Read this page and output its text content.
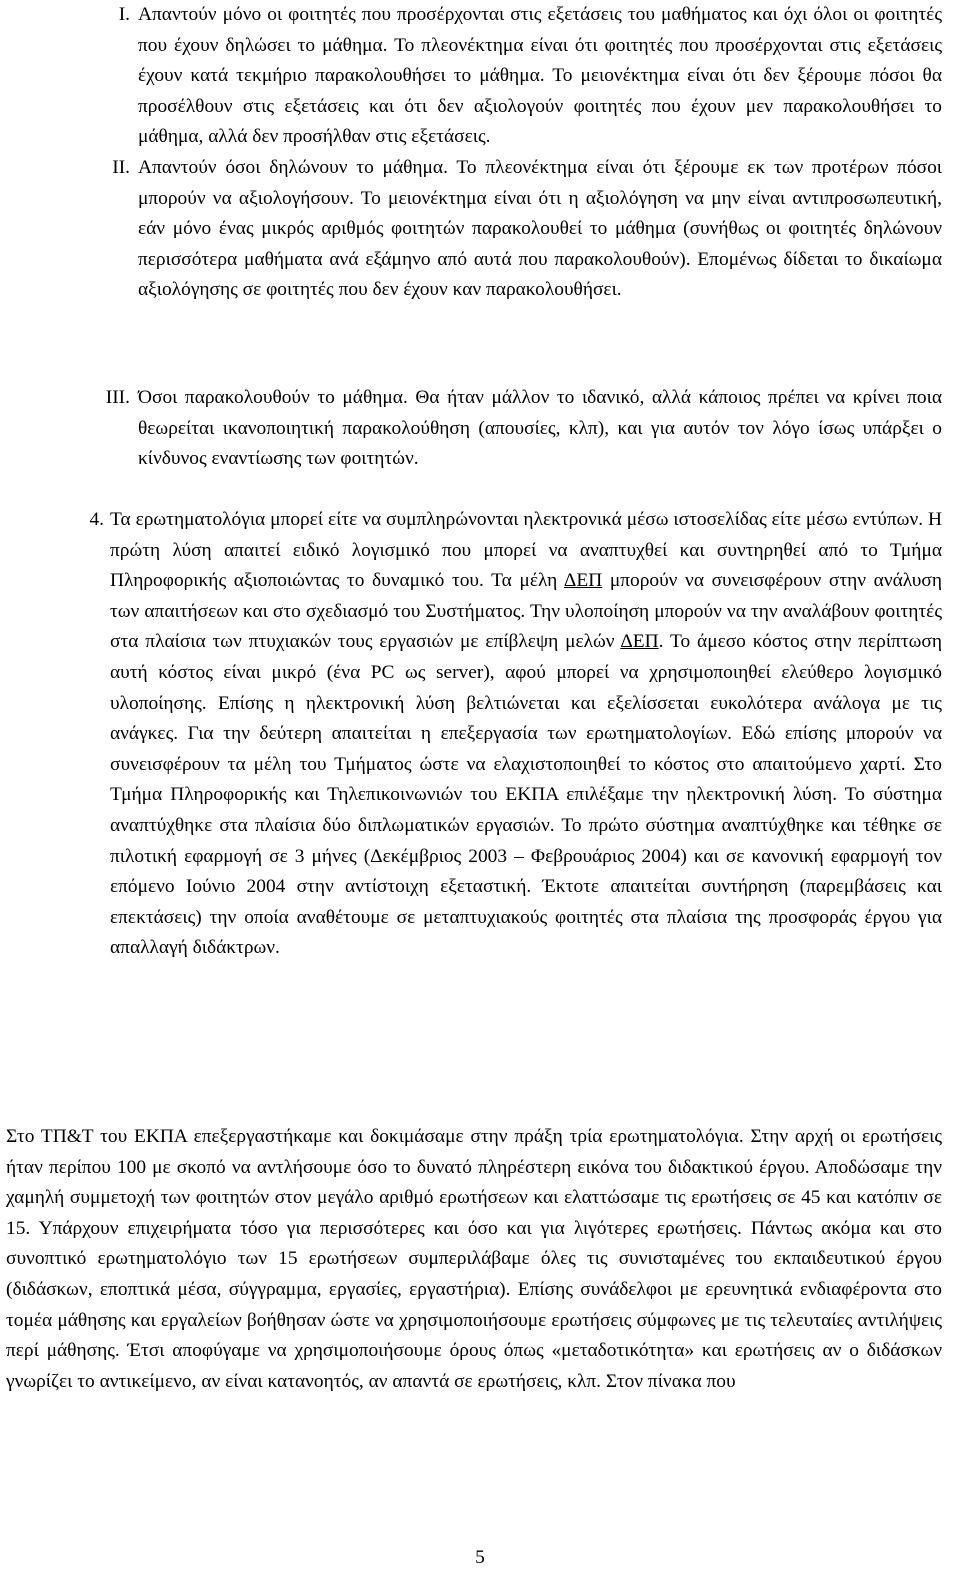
I. Απαντούν μόνο οι φοιτητές που προσέρχονται στις εξετάσεις του μαθήματος και όχι όλοι οι φοιτητές που έχουν δηλώσει το μάθημα. Το πλεονέκτημα είναι ότι φοιτητές που προσέρχονται στις εξετάσεις έχουν κατά τεκμήριο παρακολουθήσει το μάθημα. Το μειονέκτημα είναι ότι δεν ξέρουμε πόσοι θα προσέλθουν στις εξετάσεις και ότι δεν αξιολογούν φοιτητές που έχουν μεν παρακολουθήσει το μάθημα, αλλά δεν προσήλθαν στις εξετάσεις.
II. Απαντούν όσοι δηλώνουν το μάθημα. Το πλεονέκτημα είναι ότι ξέρουμε εκ των προτέρων πόσοι μπορούν να αξιολογήσουν. Το μειονέκτημα είναι ότι η αξιολόγηση να μην είναι αντιπροσωπευτική, εάν μόνο ένας μικρός αριθμός φοιτητών παρακολουθεί το μάθημα (συνήθως οι φοιτητές δηλώνουν περισσότερα μαθήματα ανά εξάμηνο από αυτά που παρακολουθούν). Επομένως δίδεται το δικαίωμα αξιολόγησης σε φοιτητές που δεν έχουν καν παρακολουθήσει.
III. Όσοι παρακολουθούν το μάθημα. Θα ήταν μάλλον το ιδανικό, αλλά κάποιος πρέπει να κρίνει ποια θεωρείται ικανοποιητική παρακολούθηση (απουσίες, κλπ), και για αυτόν τον λόγο ίσως υπάρξει ο κίνδυνος εναντίωσης των φοιτητών.
4. Τα ερωτηματολόγια μπορεί είτε να συμπληρώνονται ηλεκτρονικά μέσω ιστοσελίδας είτε μέσω εντύπων. Η πρώτη λύση απαιτεί ειδικό λογισμικό που μπορεί να αναπτυχθεί και συντηρηθεί από το Τμήμα Πληροφορικής αξιοποιώντας το δυναμικό του. Τα μέλη ΔΕΠ μπορούν να συνεισφέρουν στην ανάλυση των απαιτήσεων και στο σχεδιασμό του Συστήματος. Την υλοποίηση μπορούν να την αναλάβουν φοιτητές στα πλαίσια των πτυχιακών τους εργασιών με επίβλεψη μελών ΔΕΠ. Το άμεσο κόστος στην περίπτωση αυτή κόστος είναι μικρό (ένα PC ως server), αφού μπορεί να χρησιμοποιηθεί ελεύθερο λογισμικό υλοποίησης. Επίσης η ηλεκτρονική λύση βελτιώνεται και εξελίσσεται ευκολότερα ανάλογα με τις ανάγκες. Για την δεύτερη απαιτείται η επεξεργασία των ερωτηματολογίων. Εδώ επίσης μπορούν να συνεισφέρουν τα μέλη του Τμήματος ώστε να ελαχιστοποιηθεί το κόστος στο απαιτούμενο χαρτί. Στο Τμήμα Πληροφορικής και Τηλεπικοινωνιών του ΕΚΠΑ επιλέξαμε την ηλεκτρονική λύση. Το σύστημα αναπτύχθηκε στα πλαίσια δύο διπλωματικών εργασιών. Το πρώτο σύστημα αναπτύχθηκε και τέθηκε σε πιλοτική εφαρμογή σε 3 μήνες (Δεκέμβριος 2003 – Φεβρουάριος 2004) και σε κανονική εφαρμογή τον επόμενο Ιούνιο 2004 στην αντίστοιχη εξεταστική. Έκτοτε απαιτείται συντήρηση (παρεμβάσεις και επεκτάσεις) την οποία αναθέτουμε σε μεταπτυχιακούς φοιτητές στα πλαίσια της προσφοράς έργου για απαλλαγή διδάκτρων.
Στο ΤΠ&Τ του ΕΚΠΑ επεξεργαστήκαμε και δοκιμάσαμε στην πράξη τρία ερωτηματολόγια. Στην αρχή οι ερωτήσεις ήταν περίπου 100 με σκοπό να αντλήσουμε όσο το δυνατό πληρέστερη εικόνα του διδακτικού έργου. Αποδώσαμε την χαμηλή συμμετοχή των φοιτητών στον μεγάλο αριθμό ερωτήσεων και ελαττώσαμε τις ερωτήσεις σε 45 και κατόπιν σε 15. Υπάρχουν επιχειρήματα τόσο για περισσότερες και όσο και για λιγότερες ερωτήσεις. Πάντως ακόμα και στο συνοπτικό ερωτηματολόγιο των 15 ερωτήσεων συμπεριλάβαμε όλες τις συνισταμένες του εκπαιδευτικού έργου (διδάσκων, εποπτικά μέσα, σύγγραμμα, εργασίες, εργαστήρια). Επίσης συνάδελφοι με ερευνητικά ενδιαφέροντα στο τομέα μάθησης και εργαλείων βοήθησαν ώστε να χρησιμοποιήσουμε ερωτήσεις σύμφωνες με τις τελευταίες αντιλήψεις περί μάθησης. Έτσι αποφύγαμε να χρησιμοποιήσουμε όρους όπως «μεταδοτικότητα» και ερωτήσεις αν ο διδάσκων γνωρίζει το αντικείμενο, αν είναι κατανοητός, αν απαντά σε ερωτήσεις, κλπ. Στον πίνακα που
5
